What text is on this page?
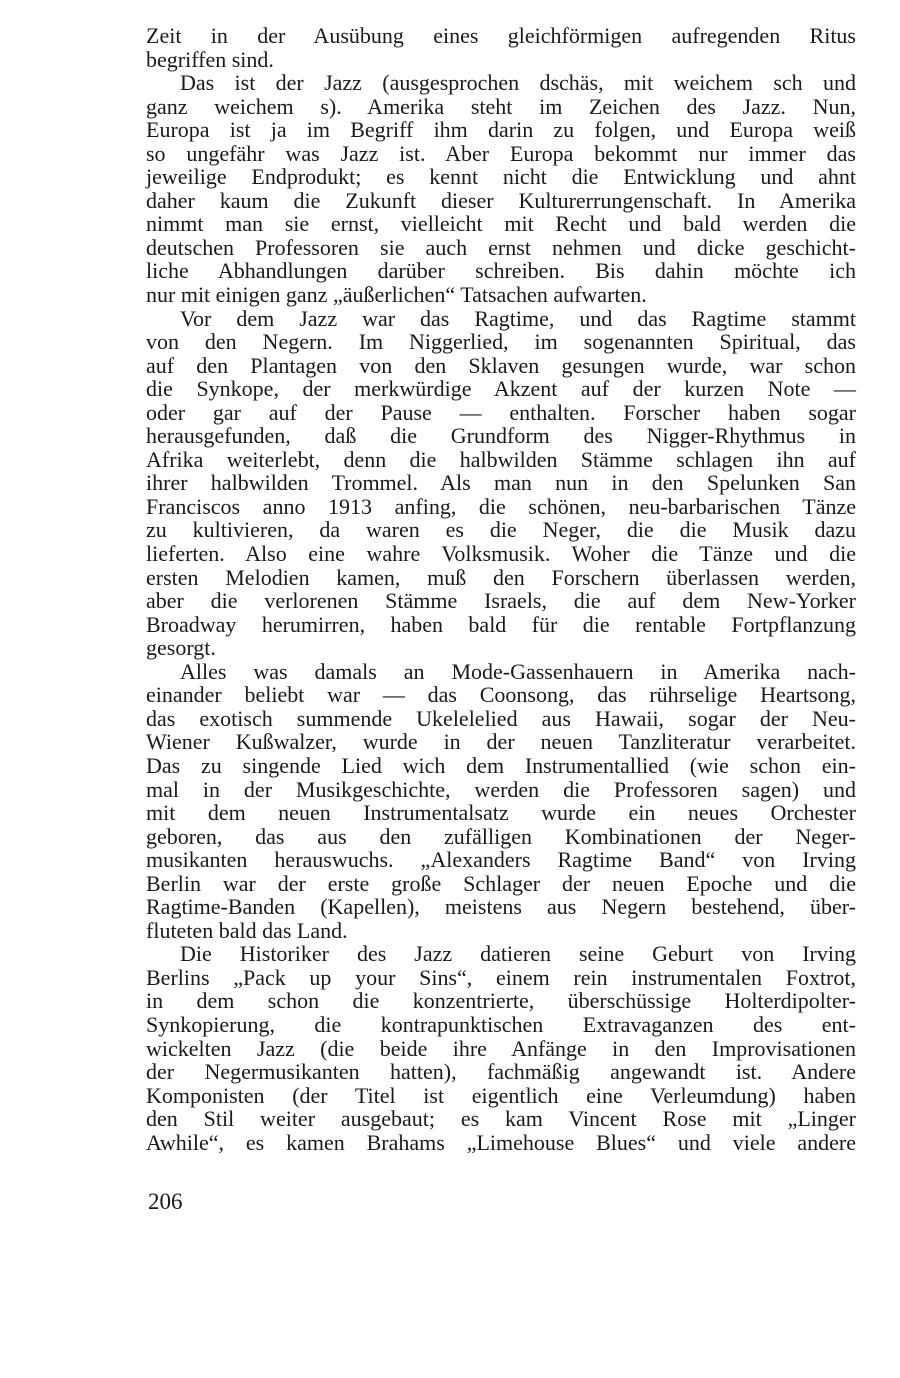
Zeit in der Ausübung eines gleichförmigen aufregenden Ritus
begriffen sind.
Das ist der Jazz (ausgesprochen dschäs, mit weichem sch und
ganz weichem s). Amerika steht im Zeichen des Jazz. Nun,
Europa ist ja im Begriff ihm darin zu folgen, und Europa weiß
so ungefähr was Jazz ist. Aber Europa bekommt nur immer das
jeweilige Endprodukt; es kennt nicht die Entwicklung und ahnt
daher kaum die Zukunft dieser Kulturerrungenschaft. In Amerika
nimmt man sie ernst, vielleicht mit Recht und bald werden die
deutschen Professoren sie auch ernst nehmen und dicke geschicht-
liche Abhandlungen darüber schreiben. Bis dahin möchte ich
nur mit einigen ganz „äußerlichen“ Tatsachen aufwarten.
Vor dem Jazz war das Ragtime, und das Ragtime stammt
von den Negern. Im Niggerlied, im sogenannten Spiritual, das
auf den Plantagen von den Sklaven gesungen wurde, war schon
die Synkope, der merkwürdige Akzent auf der kurzen Note —
oder gar auf der Pause — enthalten. Forscher haben sogar
herausgefunden, daß die Grundform des Nigger-Rhythmus in
Afrika weiterlebt, denn die halbwilden Stämme schlagen ihn auf
ihrer halbwilden Trommel. Als man nun in den Spelunken San
Franciscos anno 1913 anfing, die schönen, neu-barbarischen Tänze
zu kultivieren, da waren es die Neger, die die Musik dazu
lieferten. Also eine wahre Volksmusik. Woher die Tänze und die
ersten Melodien kamen, muß den Forschern überlassen werden,
aber die verlorenen Stämme Israels, die auf dem New-Yorker
Broadway herumirren, haben bald für die rentable Fortpflanzung
gesorgt.
Alles was damals an Mode-Gassenhauern in Amerika nach-
einander beliebt war — das Coonsong, das rührselige Heartsong,
das exotisch summende Ukelelelied aus Hawaii, sogar der Neu-
Wiener Kußwalzer, wurde in der neuen Tanzliteratur verarbeitet.
Das zu singende Lied wich dem Instrumentallied (wie schon ein-
mal in der Musikgeschichte, werden die Professoren sagen) und
mit dem neuen Instrumentalsatz wurde ein neues Orchester
geboren, das aus den zufälligen Kombinationen der Neger-
musikanten herauswuchs. „Alexanders Ragtime Band“ von Irving
Berlin war der erste große Schlager der neuen Epoche und die
Ragtime-Banden (Kapellen), meistens aus Negern bestehend, über-
fluteten bald das Land.
Die Historiker des Jazz datieren seine Geburt von Irving
Berlins „Pack up your Sins“, einem rein instrumentalen Foxtrot,
in dem schon die konzentrierte, überschüssige Holterdipolter-
Synkopierung, die kontrapunktischen Extravaganzen des ent-
wickelten Jazz (die beide ihre Anfänge in den Improvisationen
der Negermusikanten hatten), fachmäßig angewandt ist. Andere
Komponisten (der Titel ist eigentlich eine Verleumdung) haben
den Stil weiter ausgebaut; es kam Vincent Rose mit „Linger
Awhile“, es kamen Brahams „Limehouse Blues“ und viele andere
206
